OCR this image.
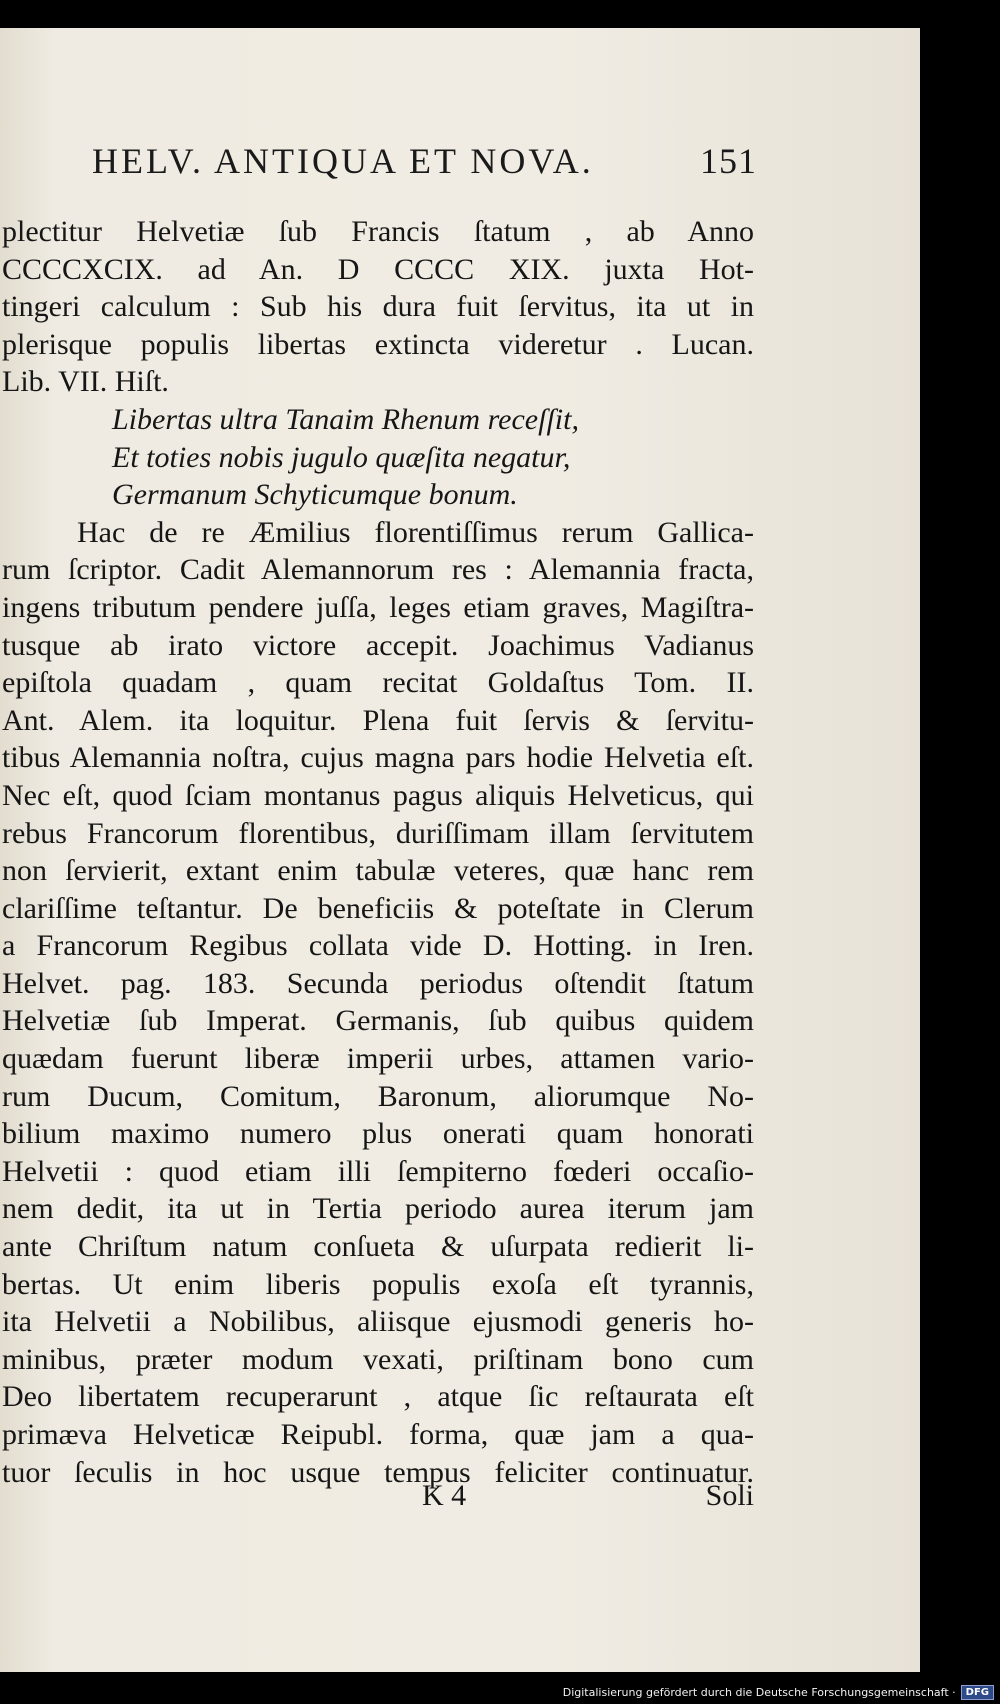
HELV. ANTIQUA ET NOVA.	151
plectitur Helvetiæ ſub Francis ſtatum , ab Anno
CCCCXCIX. ad An. D CCCC XIX. juxta Hot-
tingeri calculum : Sub his dura fuit ſervitus, ita ut in
plerisque populis libertas extincta videretur . Lucan.
Lib. VII. Hiſt.
Libertas ultra Tanaim Rhenum receſſit,
Et toties nobis jugulo quæſita negatur,
Germanum Schyticumque bonum.
Hac de re Æmilius florentiſſimus rerum Gallica-
rum ſcriptor. Cadit Alemannorum res : Alemannia fracta,
ingens tributum pendere juſſa, leges etiam graves, Magiſtra-
tusque ab irato victore accepit. Joachimus Vadianus
epiſtola quadam , quam recitat Goldaſtus Tom. II.
Ant. Alem. ita loquitur. Plena fuit ſervis & ſervitu-
tibus Alemannia noſtra, cujus magna pars hodie Helvetia eſt.
Nec eſt, quod ſciam montanus pagus aliquis Helveticus, qui
rebus Francorum florentibus, duriſſimam illam ſervitutem
non ſervierit, extant enim tabulæ veteres, quæ hanc rem
clariſſime teſtantur. De beneficiis & poteſtate in Clerum
a Francorum Regibus collata vide D. Hotting. in Iren.
Helvet. pag. 183. Secunda periodus oſtendit ſtatum
Helvetiæ ſub Imperat. Germanis, ſub quibus quidem
quædam fuerunt liberæ imperii urbes, attamen vario-
rum Ducum, Comitum, Baronum, aliorumque No-
bilium maximo numero plus onerati quam honorati
Helvetii : quod etiam illi ſempiterno fœderi occaſio-
nem dedit, ita ut in Tertia periodo aurea iterum jam
ante Chriſtum natum conſueta & uſurpata redierit li-
bertas. Ut enim liberis populis exoſa eſt tyrannis,
ita Helvetii a Nobilibus, aliisque ejusmodi generis ho-
minibus, præter modum vexati, priſtinam bono cum
Deo libertatem recuperarunt , atque ſic reſtaurata eſt
primæva Helveticæ Reipubl. forma, quæ jam a qua-
tuor ſeculis in hoc usque tempus feliciter continuatur.
K 4	Soli
Digitalisierung gefördert durch die Deutsche Forschungsgemeinschaft ·	DFG
